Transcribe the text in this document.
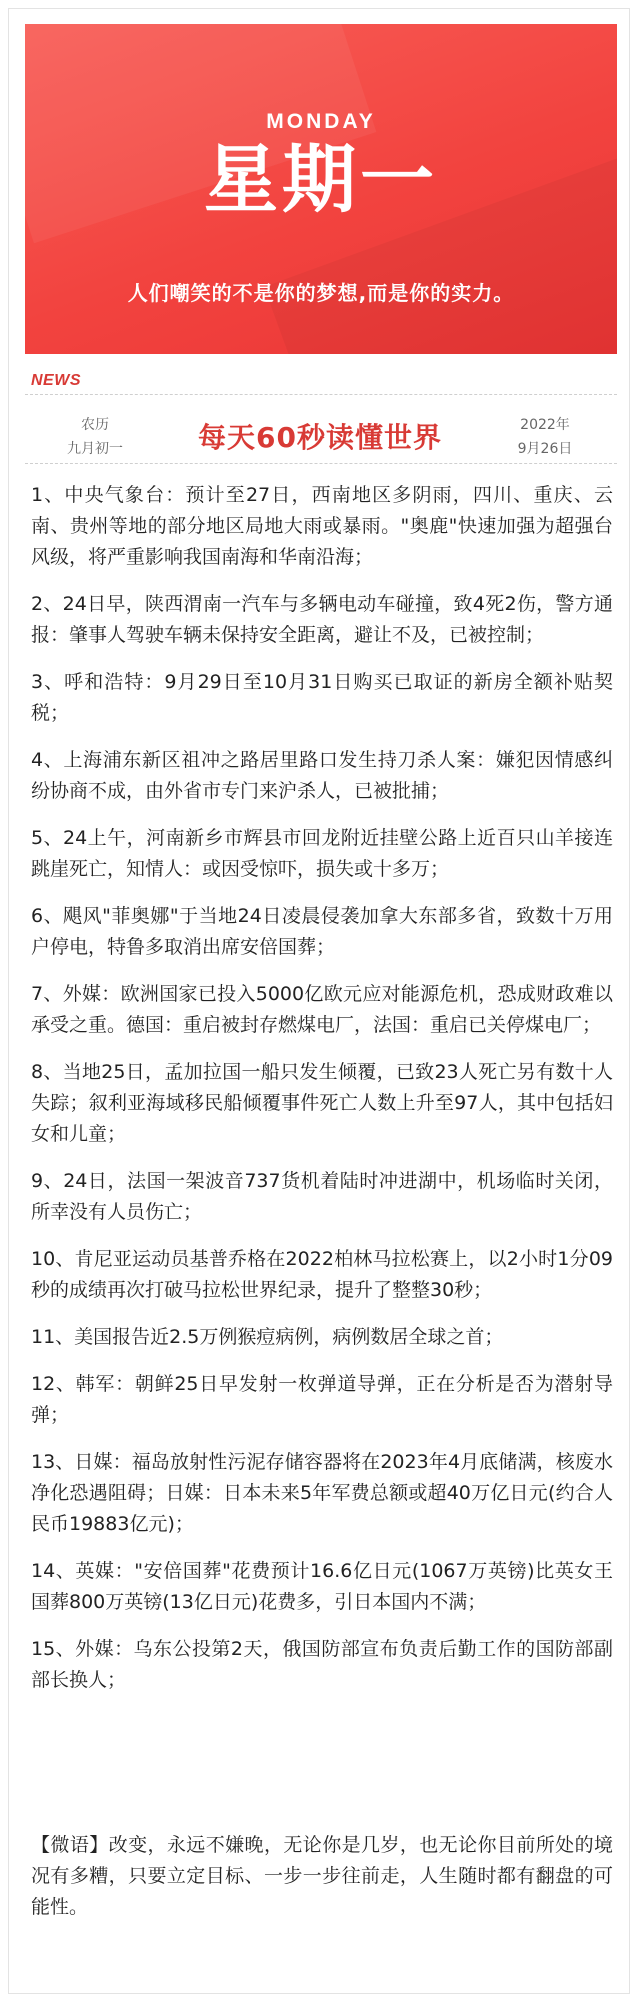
MONDAY
星期一
人们嘲笑的不是你的梦想,而是你的实力。
NEWS
农历
九月初一	每天60秒读懂世界	2022年
9月26日
1、中央气象台：预计至27日，西南地区多阴雨，四川、重庆、云南、贵州等地的部分地区局地大雨或暴雨。"奥鹿"快速加强为超强台风级，将严重影响我国南海和华南沿海；
2、24日早，陕西渭南一汽车与多辆电动车碰撞，致4死2伤，警方通报：肇事人驾驶车辆未保持安全距离，避让不及，已被控制；
3、呼和浩特：9月29日至10月31日购买已取证的新房全额补贴契税；
4、上海浦东新区祖冲之路居里路口发生持刀杀人案：嫌犯因情感纠纷协商不成，由外省市专门来沪杀人，已被批捕；
5、24上午，河南新乡市辉县市回龙附近挂壁公路上近百只山羊接连跳崖死亡，知情人：或因受惊吓，损失或十多万；
6、飓风"菲奥娜"于当地24日凌晨侵袭加拿大东部多省，致数十万用户停电，特鲁多取消出席安倍国葬；
7、外媒：欧洲国家已投入5000亿欧元应对能源危机，恐成财政难以承受之重。德国：重启被封存燃煤电厂，法国：重启已关停煤电厂；
8、当地25日，孟加拉国一船只发生倾覆，已致23人死亡另有数十人失踪；叙利亚海域移民船倾覆事件死亡人数上升至97人，其中包括妇女和儿童；
9、24日，法国一架波音737货机着陆时冲进湖中，机场临时关闭，所幸没有人员伤亡；
10、肯尼亚运动员基普乔格在2022柏林马拉松赛上，以2小时1分09秒的成绩再次打破马拉松世界纪录，提升了整整30秒；
11、美国报告近2.5万例猴痘病例，病例数居全球之首；
12、韩军：朝鲜25日早发射一枚弹道导弹，正在分析是否为潜射导弹；
13、日媒：福岛放射性污泥存储容器将在2023年4月底储满，核废水净化恐遇阻碍；日媒：日本未来5年军费总额或超40万亿日元(约合人民币19883亿元)；
14、英媒："安倍国葬"花费预计16.6亿日元(1067万英镑)比英女王国葬800万英镑(13亿日元)花费多，引日本国内不满；
15、外媒：乌东公投第2天，俄国防部宣布负责后勤工作的国防部副部长换人；

【微语】改变，永远不嫌晚，无论你是几岁，也无论你目前所处的境况有多糟，只要立定目标、一步一步往前走，人生随时都有翻盘的可能性。
